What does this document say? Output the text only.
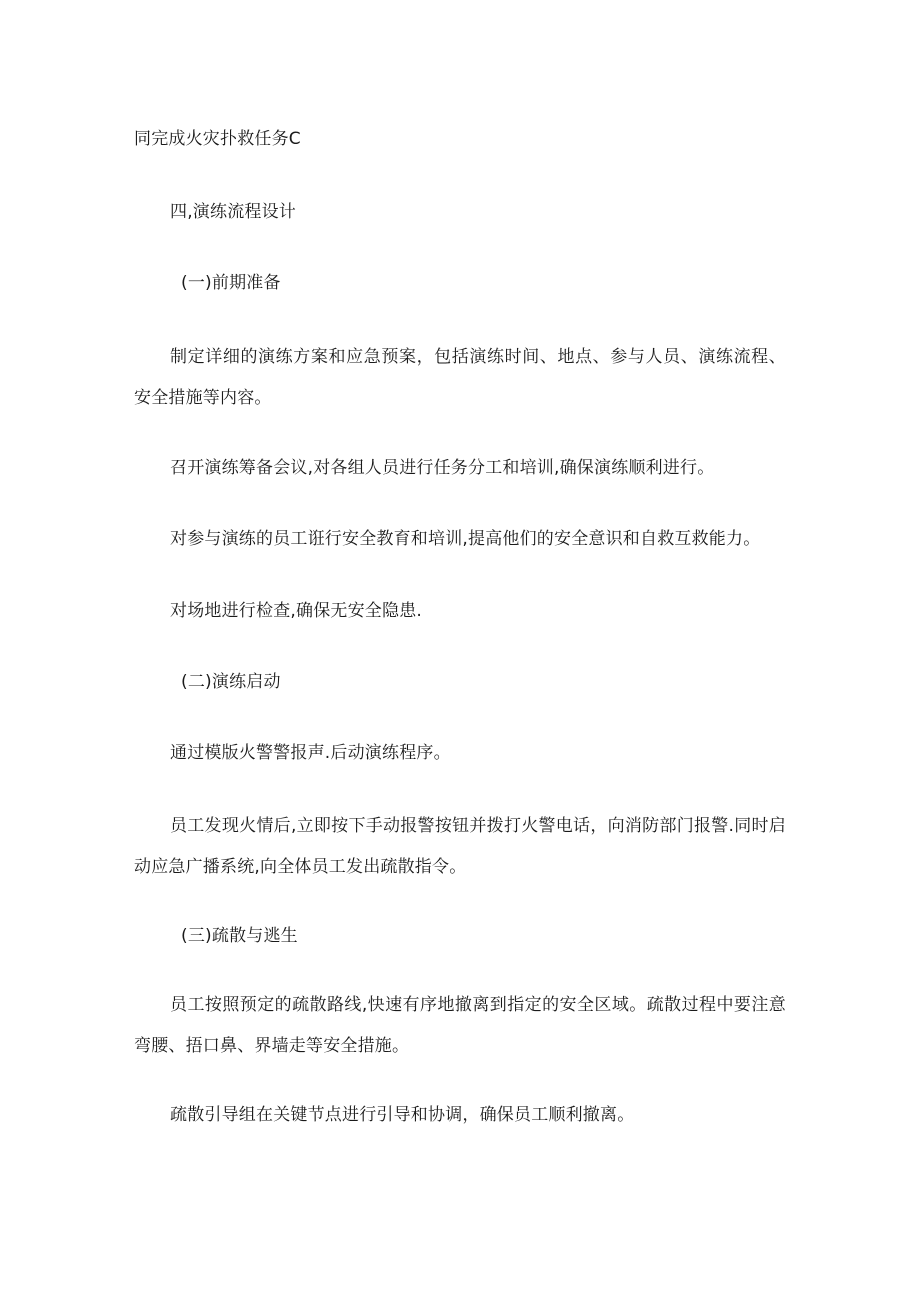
同完成火灾扑救任务C
四,演练流程设计
(一)前期准备
制定详细的演练方案和应急预案，包括演练时间、地点、参与人员、演练流程、安全措施等内容。
召开演练筹备会议,对各组人员进行任务分工和培训,确保演练顺利进行。
对参与演练的员工诳行安全教育和培训,提高他们的安全意识和自救互救能力。
对场地进行检查,确保无安全隐患.
(二)演练启动
通过模版火警警报声.后动演练程序。
员工发现火情后,立即按下手动报警按钮并拨打火警电话，向消防部门报警.同时启动应急广播系统,向全体员工发出疏散指令。
(三)疏散与逃生
员工按照预定的疏散路线,快速有序地撤离到指定的安全区域。疏散过程中要注意弯腰、捂口鼻、界墙走等安全措施。
疏散引导组在关键节点进行引导和协调，确保员工顺利撤离。
